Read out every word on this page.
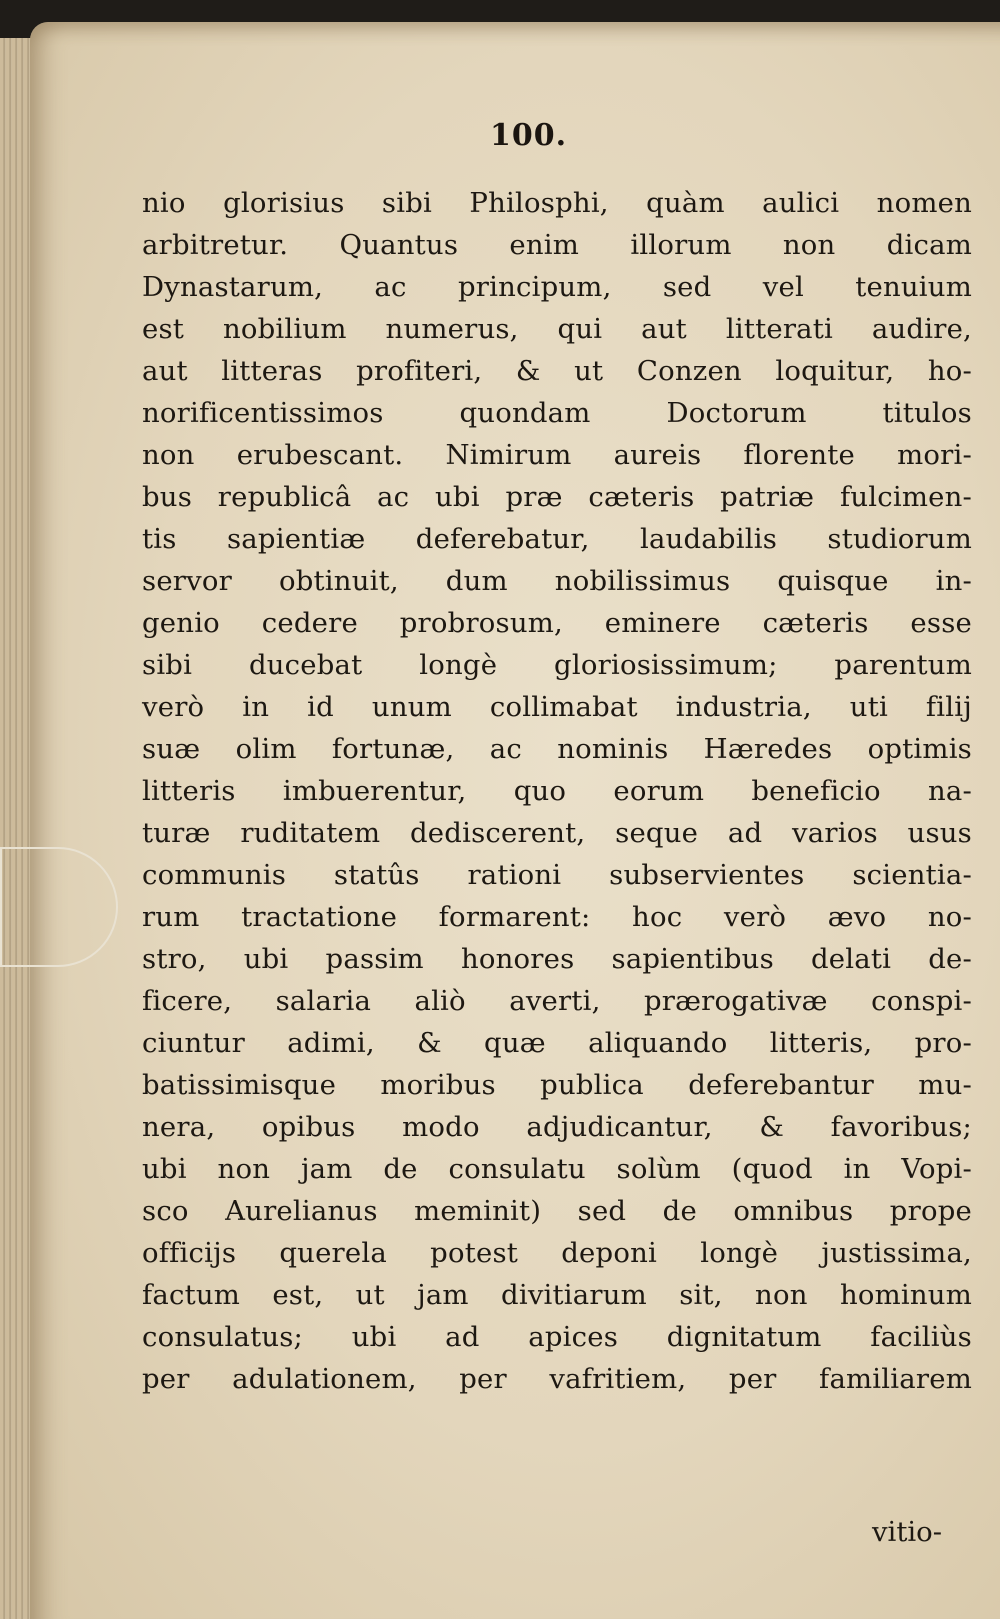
100.
nio glorisius sibi Philosphi, quàm aulici nomen
arbitretur. Quantus enim illorum non dicam
Dynastarum, ac principum, sed vel tenuium
est nobilium numerus, qui aut litterati audire,
aut litteras profiteri, & ut Conzen loquitur, ho-
norificentissimos quondam Doctorum titulos
non erubescant. Nimirum aureis florente mori-
bus republicâ ac ubi præ cæteris patriæ fulcimen-
tis sapientiæ deferebatur, laudabilis studiorum
servor obtinuit, dum nobilissimus quisque in-
genio cedere probrosum, eminere cæteris esse
sibi ducebat longè gloriosissimum; parentum
verò in id unum collimabat industria, uti filij
suæ olim fortunæ, ac nominis Hæredes optimis
litteris imbuerentur, quo eorum beneficio na-
turæ ruditatem dediscerent, seque ad varios usus
communis statûs rationi subservientes scientia-
rum tractatione formarent: hoc verò ævo no-
stro, ubi passim honores sapientibus delati de-
ficere, salaria aliò averti, prærogativæ conspi-
ciuntur adimi, & quæ aliquando litteris, pro-
batissimisque moribus publica deferebantur mu-
nera, opibus modo adjudicantur, & favoribus;
ubi non jam de consulatu solùm (quod in Vopi-
sco Aurelianus meminit) sed de omnibus prope
officijs querela potest deponi longè justissima,
factum est, ut jam divitiarum sit, non hominum
consulatus; ubi ad apices dignitatum faciliùs
per adulationem, per vafritiem, per familiarem
vitio-
